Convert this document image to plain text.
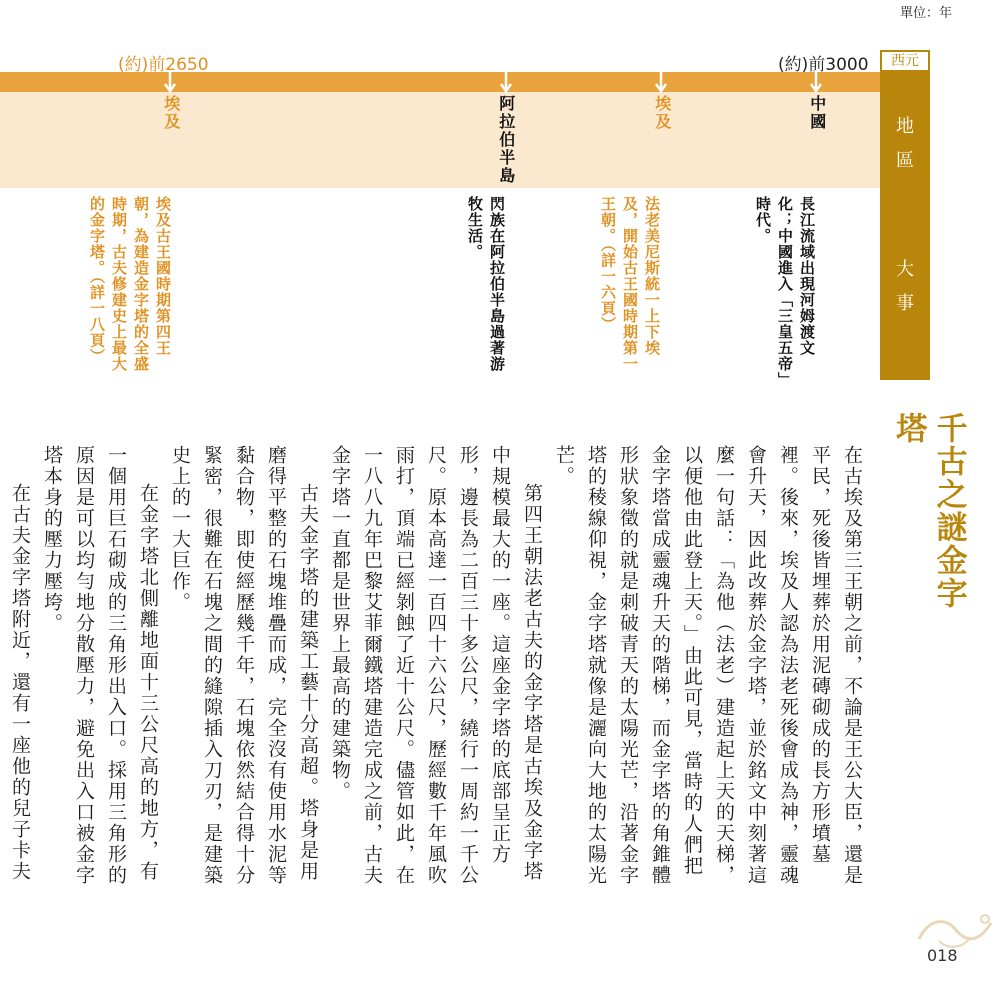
單位：年
西元
地
區
大
事
(約)前2650	(約)前3000
中國
長江流域出現河姆渡文化；中國進入「三皇五帝」時代。
埃及
法老美尼斯統一上下埃及，開始古王國時期第一王朝。（詳一六頁）
阿拉伯半島
閃族在阿拉伯半島過著游牧生活。
埃及
埃及古王國時期第四王朝，為建造金字塔的全盛時期，古夫修建史上最大的金字塔。（詳一八頁）
千古之謎金字塔

在古埃及第三王朝之前，不論是王公大臣，還是平民，死後皆埋葬於用泥磚砌成的長方形墳墓裡。後來，埃及人認為法老死後會成為神，靈魂會升天，因此改葬於金字塔，並於銘文中刻著這麼一句話：「為他（法老）建造起上天的天梯，以便他由此登上天。」由此可見，當時的人們把金字塔當成靈魂升天的階梯，而金字塔的角錐體形狀象徵的就是刺破青天的太陽光芒，沿著金字塔的稜線仰視，金字塔就像是灑向大地的太陽光芒。

第四王朝法老古夫的金字塔是古埃及金字塔中規模最大的一座。這座金字塔的底部呈正方形，邊長為二百三十多公尺，繞行一周約一千公尺。原本高達一百四十六公尺，歷經數千年風吹雨打，頂端已經剝蝕了近十公尺。儘管如此，在一八八九年巴黎艾菲爾鐵塔建造完成之前，古夫金字塔一直都是世界上最高的建築物。

古夫金字塔的建築工藝十分高超。塔身是用磨得平整的石塊堆疊而成，完全沒有使用水泥等黏合物，即使經歷幾千年，石塊依然結合得十分緊密，很難在石塊之間的縫隙插入刀刃，是建築史上的一大巨作。

在金字塔北側離地面十三公尺高的地方，有一個用巨石砌成的三角形出入口。採用三角形的原因是可以均勻地分散壓力，避免出入口被金字塔本身的壓力壓垮。

在古夫金字塔附近，還有一座他的兒子卡夫

018
